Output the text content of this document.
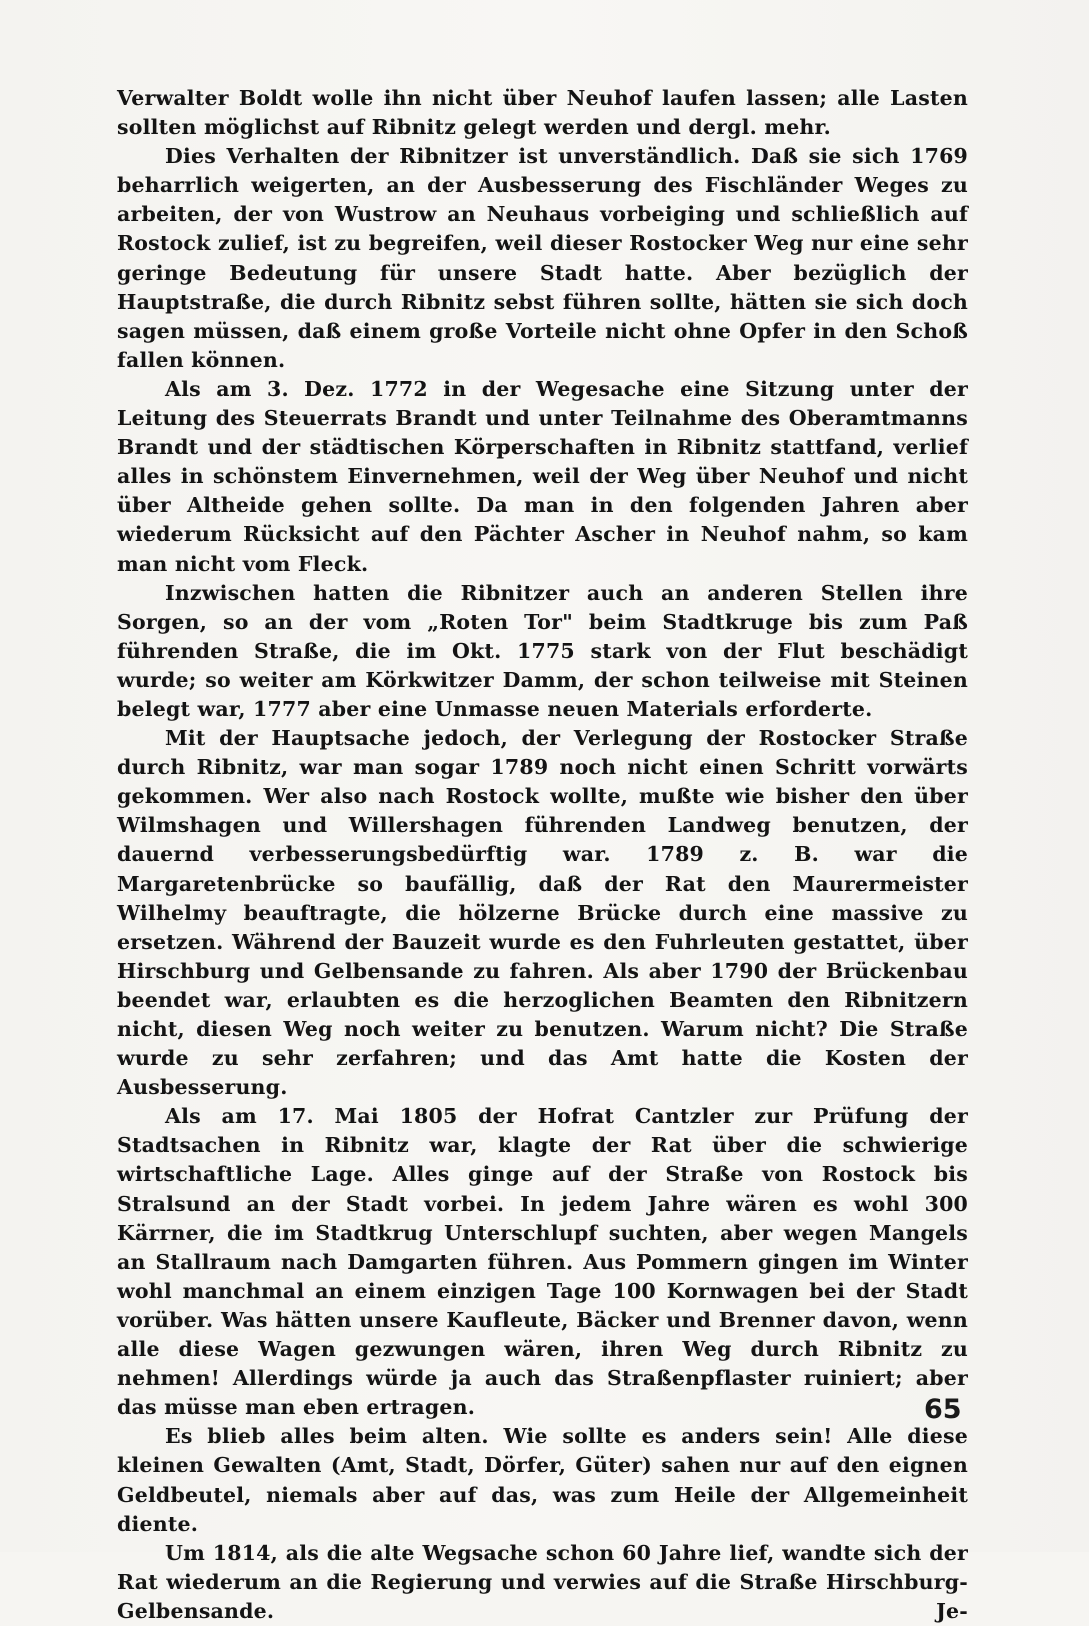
Verwalter Boldt wolle ihn nicht über Neuhof laufen lassen; alle Lasten sollten möglichst auf Ribnitz gelegt werden und dergl. mehr.

Dies Verhalten der Ribnitzer ist unverständlich. Daß sie sich 1769 beharrlich weigerten, an der Ausbesserung des Fischländer Weges zu arbeiten, der von Wustrow an Neuhaus vorbeiging und schließlich auf Rostock zulief, ist zu begreifen, weil dieser Rostocker Weg nur eine sehr geringe Bedeutung für unsere Stadt hatte. Aber bezüglich der Hauptstraße, die durch Ribnitz sebst führen sollte, hätten sie sich doch sagen müssen, daß einem große Vorteile nicht ohne Opfer in den Schoß fallen können.

Als am 3. Dez. 1772 in der Wegesache eine Sitzung unter der Leitung des Steuerrats Brandt und unter Teilnahme des Oberamtmanns Brandt und der städtischen Körperschaften in Ribnitz stattfand, verlief alles in schönstem Einvernehmen, weil der Weg über Neuhof und nicht über Altheide gehen sollte. Da man in den folgenden Jahren aber wiederum Rücksicht auf den Pächter Ascher in Neuhof nahm, so kam man nicht vom Fleck.

Inzwischen hatten die Ribnitzer auch an anderen Stellen ihre Sorgen, so an der vom „Roten Tor" beim Stadtkruge bis zum Paß führenden Straße, die im Okt. 1775 stark von der Flut beschädigt wurde; so weiter am Körkwitzer Damm, der schon teilweise mit Steinen belegt war, 1777 aber eine Unmasse neuen Materials erforderte.

Mit der Hauptsache jedoch, der Verlegung der Rostocker Straße durch Ribnitz, war man sogar 1789 noch nicht einen Schritt vorwärts gekommen. Wer also nach Rostock wollte, mußte wie bisher den über Wilmshagen und Willershagen führenden Landweg benutzen, der dauernd verbesserungsbedürftig war. 1789 z. B. war die Margaretenbrücke so baufällig, daß der Rat den Maurermeister Wilhelmy beauftragte, die hölzerne Brücke durch eine massive zu ersetzen. Während der Bauzeit wurde es den Fuhrleuten gestattet, über Hirschburg und Gelbensande zu fahren. Als aber 1790 der Brückenbau beendet war, erlaubten es die herzoglichen Beamten den Ribnitzern nicht, diesen Weg noch weiter zu benutzen. Warum nicht? Die Straße wurde zu sehr zerfahren; und das Amt hatte die Kosten der Ausbesserung.

Als am 17. Mai 1805 der Hofrat Cantzler zur Prüfung der Stadtsachen in Ribnitz war, klagte der Rat über die schwierige wirtschaftliche Lage. Alles ginge auf der Straße von Rostock bis Stralsund an der Stadt vorbei. In jedem Jahre wären es wohl 300 Kärrner, die im Stadtkrug Unterschlupf suchten, aber wegen Mangels an Stallraum nach Damgarten führen. Aus Pommern gingen im Winter wohl manchmal an einem einzigen Tage 100 Kornwagen bei der Stadt vorüber. Was hätten unsere Kaufleute, Bäcker und Brenner davon, wenn alle diese Wagen gezwungen wären, ihren Weg durch Ribnitz zu nehmen! Allerdings würde ja auch das Straßenpflaster ruiniert; aber das müsse man eben ertragen.

Es blieb alles beim alten. Wie sollte es anders sein! Alle diese kleinen Gewalten (Amt, Stadt, Dörfer, Güter) sahen nur auf den eignen Geldbeutel, niemals aber auf das, was zum Heile der Allgemeinheit diente.

Um 1814, als die alte Wegsache schon 60 Jahre lief, wandte sich der Rat wiederum an die Regierung und verwies auf die Straße Hirschburg-Gelbensande. Je-

65
